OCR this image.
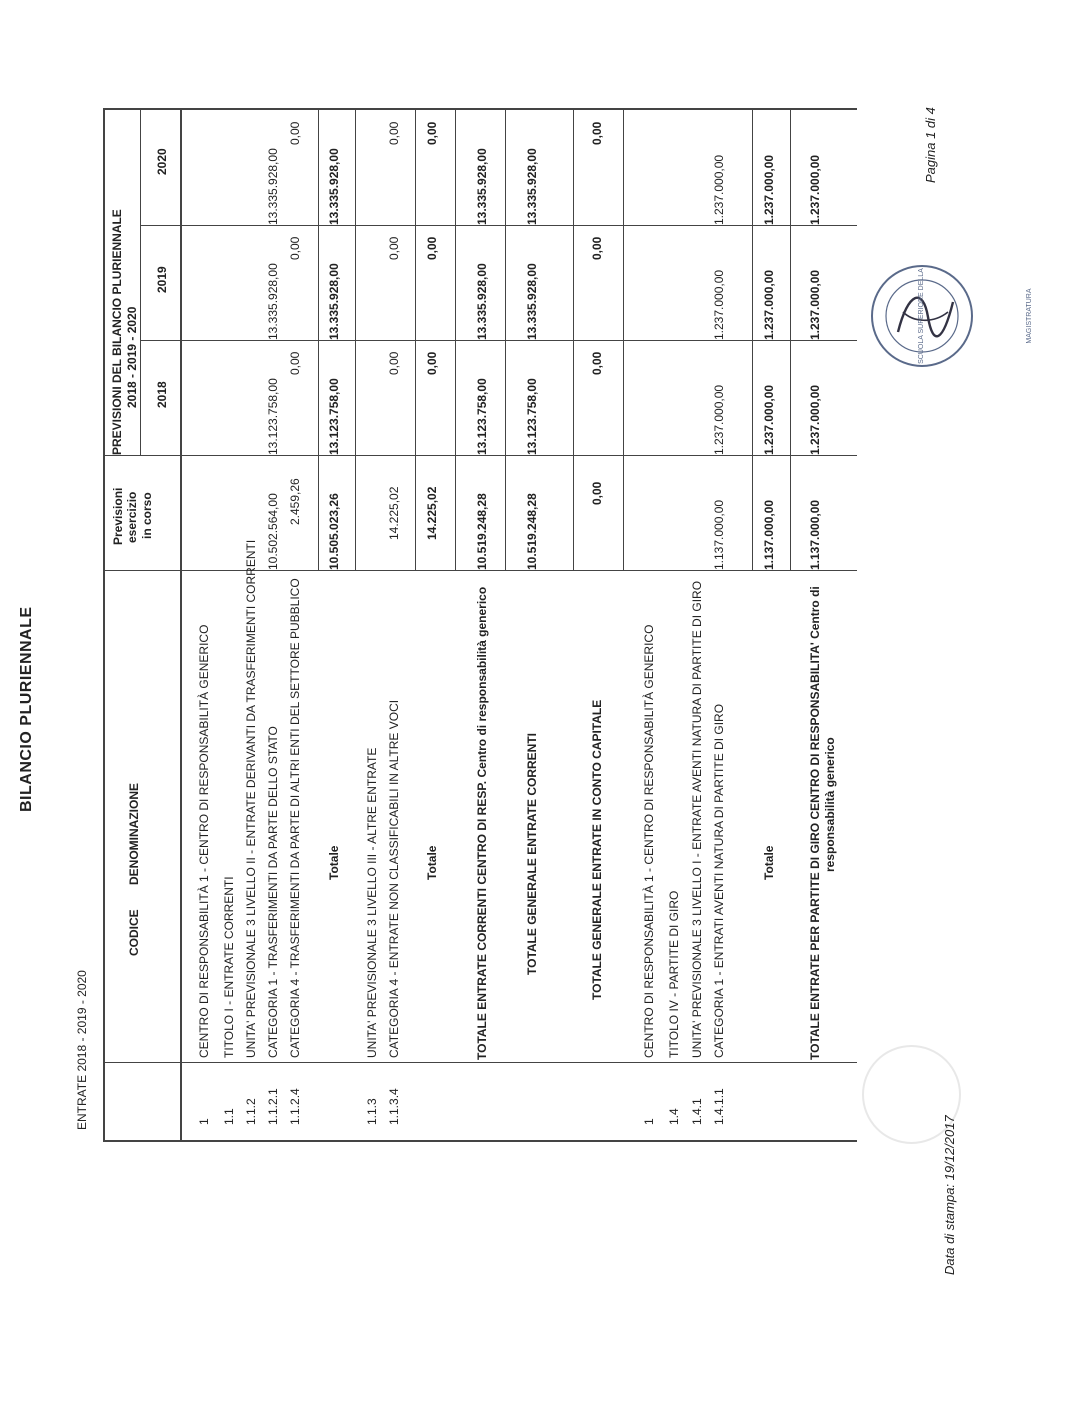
BILANCIO PLURIENNALE
ENTRATE 2018 - 2019 - 2020
CODICE
DENOMINAZIONE
Previsioni esercizio in corso
PREVISIONI DEL BILANCIO PLURIENNALE 2018 - 2019 - 2020 2018
2019
2020
1
CENTRO DI RESPONSABILITÀ 1 - CENTRO DI RESPONSABILITÀ GENERICO
1.1
TITOLO I - ENTRATE CORRENTI
1.1.2
UNITA' PREVISIONALE 3 LIVELLO II - ENTRATE DERIVANTI DA TRASFERIMENTI CORRENTI
1.1.2.1
CATEGORIA 1 - TRASFERIMENTI DA PARTE DELLO STATO
10.502.564,00
13.123.758,00
13.335.928,00
13.335.928,00
1.1.2.4
CATEGORIA 4 - TRASFERIMENTI DA PARTE DI ALTRI ENTI DEL SETTORE PUBBLICO
2.459,26
0,00
0,00
0,00
Totale
10.505.023,26
13.123.758,00
13.335.928,00
13.335.928,00
1.1.3
UNITA' PREVISIONALE 3 LIVELLO III - ALTRE ENTRATE
1.1.3.4
CATEGORIA 4 - ENTRATE NON CLASSIFICABILI IN ALTRE VOCI
14.225,02
0,00
0,00
0,00
Totale
14.225,02
0,00
0,00
0,00
TOTALE ENTRATE CORRENTI CENTRO DI RESP. Centro di responsabilità generico
10.519.248,28
13.123.758,00
13.335.928,00
13.335.928,00
TOTALE GENERALE ENTRATE CORRENTI
10.519.248,28
13.123.758,00
13.335.928,00
13.335.928,00
TOTALE GENERALE ENTRATE IN CONTO CAPITALE
0,00
0,00
0,00
0,00
1
CENTRO DI RESPONSABILITÀ 1 - CENTRO DI RESPONSABILITÀ GENERICO
1.4
TITOLO IV - PARTITE DI GIRO
1.4.1
UNITA' PREVISIONALE 3 LIVELLO I - ENTRATE AVENTI NATURA DI PARTITE DI GIRO
1.4.1.1
CATEGORIA 1 - ENTRATI AVENTI NATURA DI PARTITE DI GIRO
1.137.000,00
1.237.000,00
1.237.000,00
1.237.000,00
Totale
1.137.000,00
1.237.000,00
1.237.000,00
1.237.000,00
TOTALE ENTRATE PER PARTITE DI GIRO CENTRO DI RESPONSABILITA' Centro di responsabilità generico
1.137.000,00
1.237.000,00
1.237.000,00
1.237.000,00
Data di stampa: 19/12/2017
Pagina 1 di 4
SCUOLA SUPERIORE DELLA MAGISTRATURA
